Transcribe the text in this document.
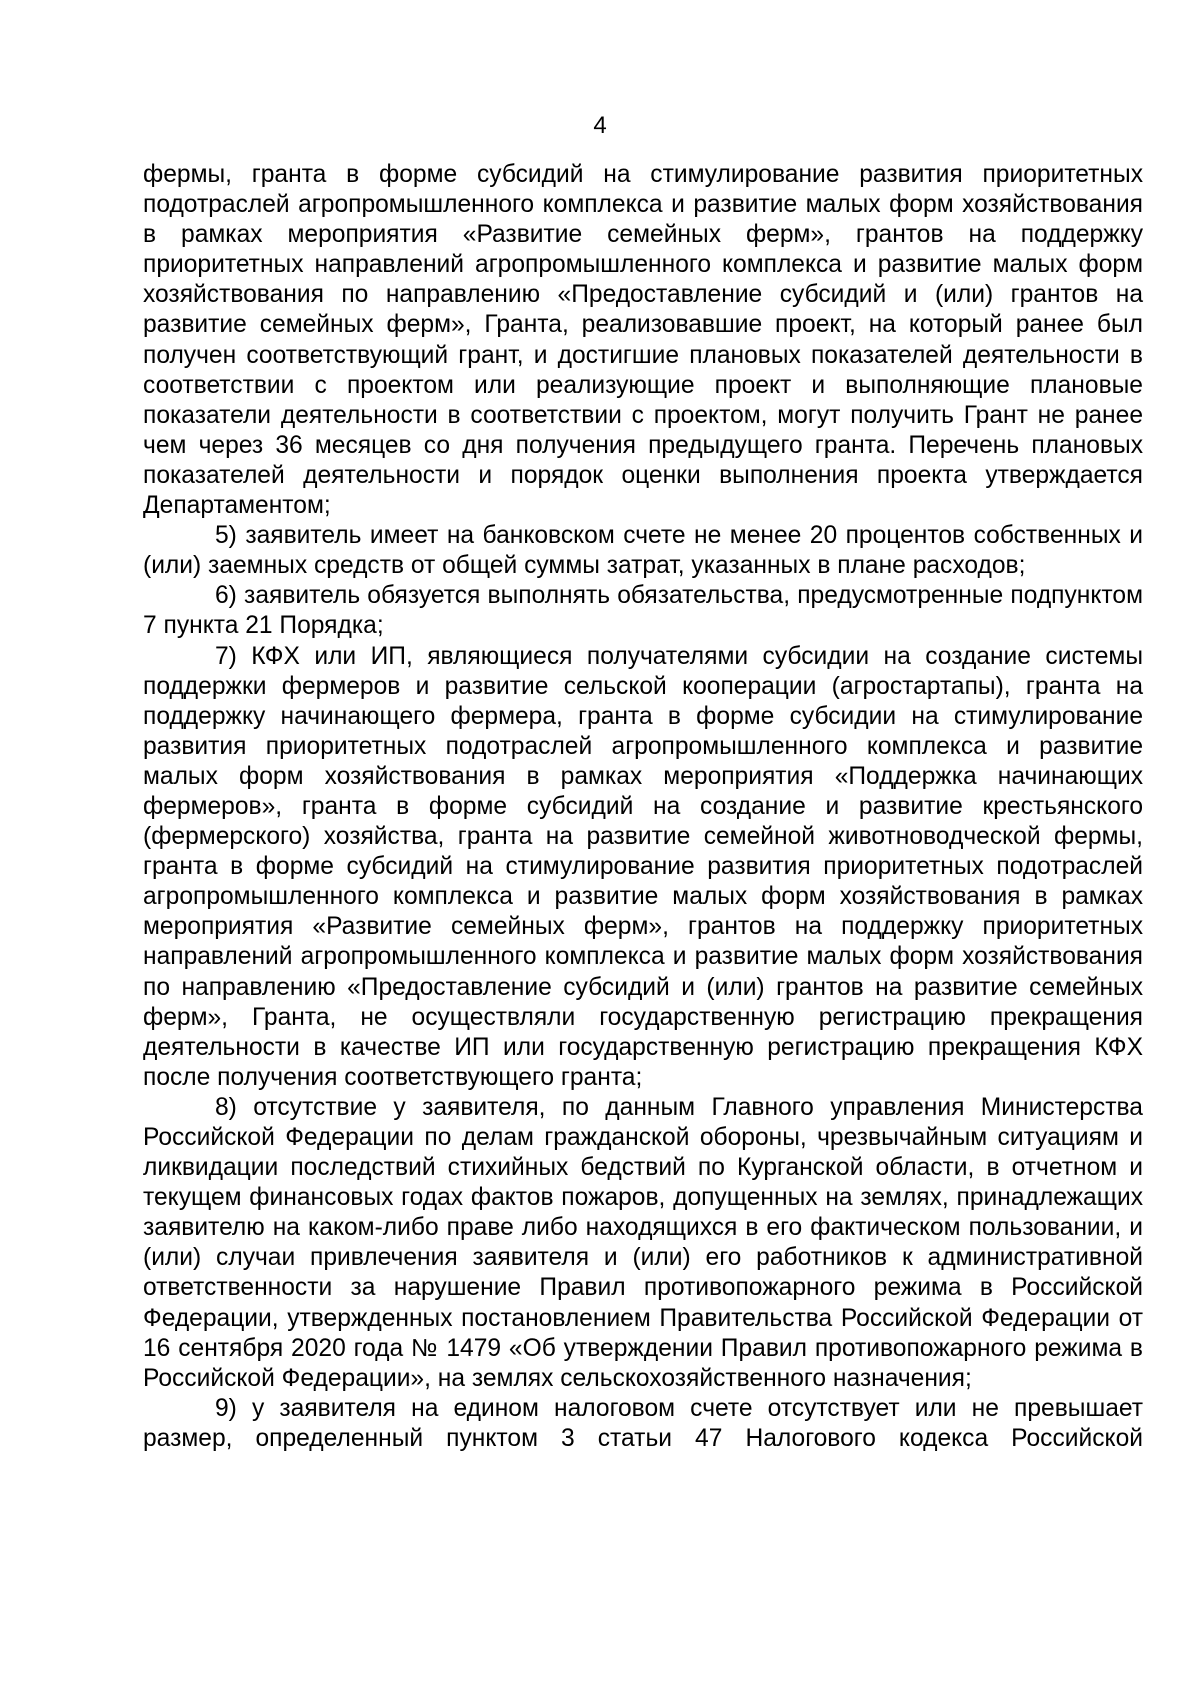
4

фермы, гранта в форме субсидий на стимулирование развития приоритетных подотраслей агропромышленного комплекса и развитие малых форм хозяйствования в рамках мероприятия «Развитие семейных ферм», грантов на поддержку приоритетных направлений агропромышленного комплекса и развитие малых форм хозяйствования по направлению «Предоставление субсидий и (или) грантов на развитие семейных ферм», Гранта, реализовавшие проект, на который ранее был получен соответствующий грант, и достигшие плановых показателей деятельности в соответствии с проектом или реализующие проект и выполняющие плановые показатели деятельности в соответствии с проектом, могут получить Грант не ранее чем через 36 месяцев со дня получения предыдущего гранта. Перечень плановых показателей деятельности и порядок оценки выполнения проекта утверждается Департаментом;

5) заявитель имеет на банковском счете не менее 20 процентов собственных и (или) заемных средств от общей суммы затрат, указанных в плане расходов;

6) заявитель обязуется выполнять обязательства, предусмотренные подпунктом 7 пункта 21 Порядка;

7) КФХ или ИП, являющиеся получателями субсидии на создание системы поддержки фермеров и развитие сельской кооперации (агростартапы), гранта на поддержку начинающего фермера, гранта в форме субсидии на стимулирование развития приоритетных подотраслей агропромышленного комплекса и развитие малых форм хозяйствования в рамках мероприятия «Поддержка начинающих фермеров», гранта в форме субсидий на создание и развитие крестьянского (фермерского) хозяйства, гранта на развитие семейной животноводческой фермы, гранта в форме субсидий на стимулирование развития приоритетных подотраслей агропромышленного комплекса и развитие малых форм хозяйствования в рамках мероприятия «Развитие семейных ферм», грантов на поддержку приоритетных направлений агропромышленного комплекса и развитие малых форм хозяйствования по направлению «Предоставление субсидий и (или) грантов на развитие семейных ферм», Гранта, не осуществляли государственную регистрацию прекращения деятельности в качестве ИП или государственную регистрацию прекращения КФХ после получения соответствующего гранта;

8) отсутствие у заявителя, по данным Главного управления Министерства Российской Федерации по делам гражданской обороны, чрезвычайным ситуациям и ликвидации последствий стихийных бедствий по Курганской области, в отчетном и текущем финансовых годах фактов пожаров, допущенных на землях, принадлежащих заявителю на каком-либо праве либо находящихся в его фактическом пользовании, и (или) случаи привлечения заявителя и (или) его работников к административной ответственности за нарушение Правил противопожарного режима в Российской Федерации, утвержденных постановлением Правительства Российской Федерации от 16 сентября 2020 года № 1479 «Об утверждении Правил противопожарного режима в Российской Федерации», на землях сельскохозяйственного назначения;

9) у заявителя на едином налоговом счете отсутствует или не превышает размер, определенный пунктом 3 статьи 47 Налогового кодекса Российской
